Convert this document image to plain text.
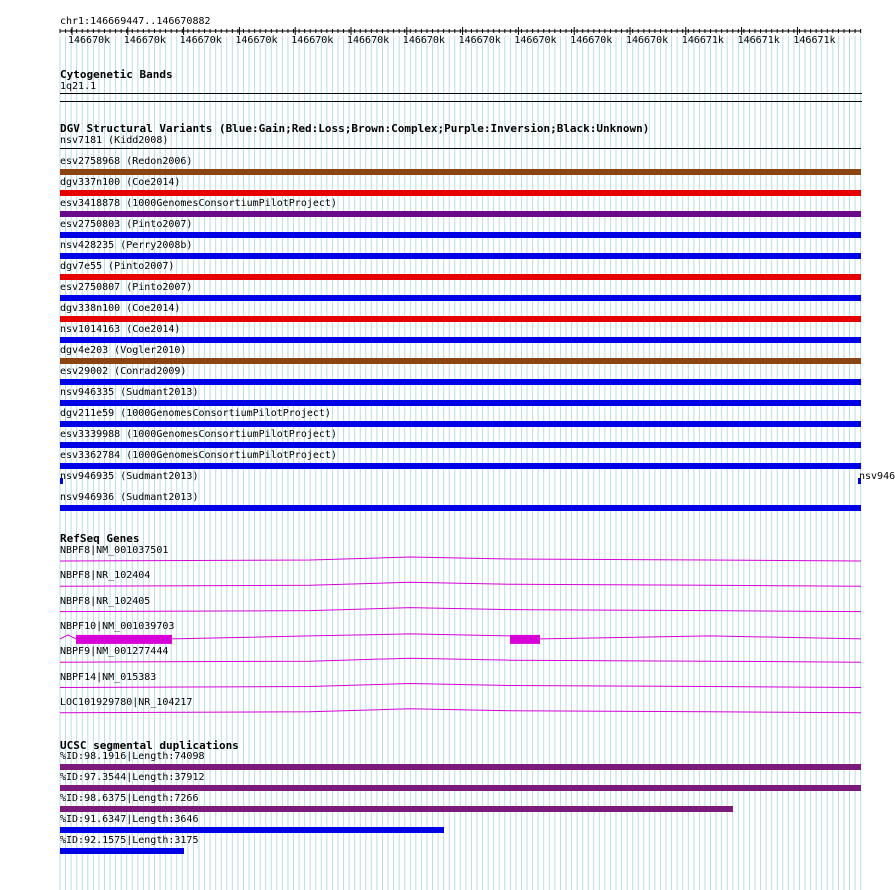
chr1:146669447..146670882
146670k 146670k 146670k 146670k 146670k 146670k 146670k 146670k 146670k 146670k 146670k 146671k 146671k 146671k
Cytogenetic Bands
1q21.1
DGV Structural Variants (Blue:Gain;Red:Loss;Brown:Complex;Purple:Inversion;Black:Unknown)
nsv7181 (Kidd2008)
esv2758968 (Redon2006)
dgv337n100 (Coe2014)
esv3418878 (1000GenomesConsortiumPilotProject)
esv2750803 (Pinto2007)
nsv428235 (Perry2008b)
dgv7e55 (Pinto2007)
esv2750807 (Pinto2007)
dgv338n100 (Coe2014)
nsv1014163 (Coe2014)
dgv4e203 (Vogler2010)
esv29002 (Conrad2009)
nsv946335 (Sudmant2013)
dgv211e59 (1000GenomesConsortiumPilotProject)
esv3339988 (1000GenomesConsortiumPilotProject)
esv3362784 (1000GenomesConsortiumPilotProject)
nsv946935 (Sudmant2013)	nsv946
nsv946936 (Sudmant2013)
RefSeq Genes
NBPF8|NM_001037501
NBPF8|NR_102404
NBPF8|NR_102405
NBPF10|NM_001039703
NBPF9|NM_001277444
NBPF14|NM_015383
LOC101929780|NR_104217
UCSC segmental duplications
%ID:98.1916|Length:74098
%ID:97.3544|Length:37912
%ID:98.6375|Length:7266
%ID:91.6347|Length:3646
%ID:92.1575|Length:3175
